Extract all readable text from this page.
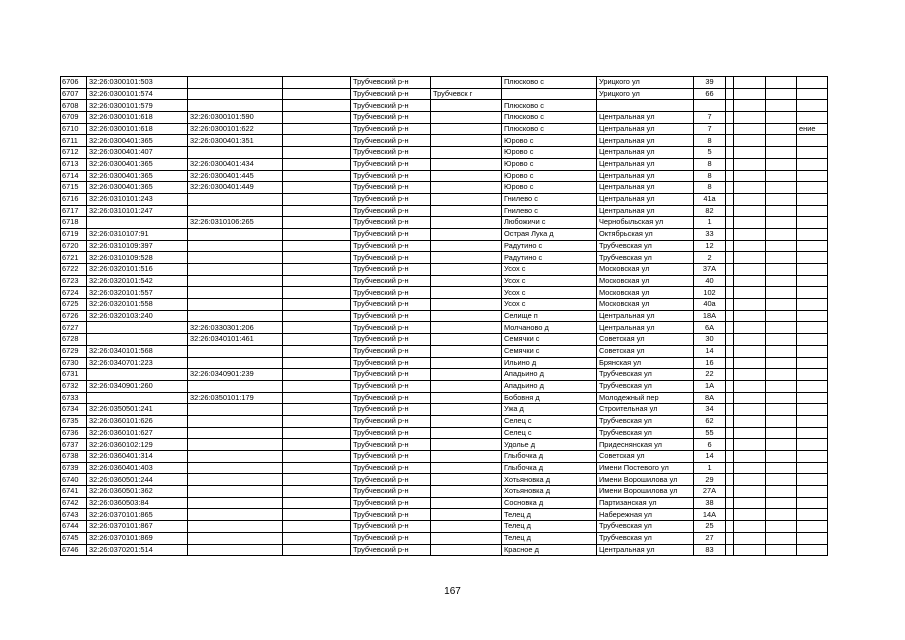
6706	32:26:0300101:503			Трубчевский р-н		Плюсково с	Урицкого ул	39				
6707	32:26:0300101:574			Трубчевский р-н	Трубчевск г		Урицкого ул	66				
6708	32:26:0300101:579			Трубчевский р-н		Плюсково с						
6709	32:26:0300101:618	32:26:0300101:590		Трубчевский р-н		Плюсково с	Центральная ул	7				
6710	32:26:0300101:618	32:26:0300101:622		Трубчевский р-н		Плюсково с	Центральная ул	7				ение
6711	32:26:0300401:365	32:26:0300401:351		Трубчевский р-н		Юрово с	Центральная ул	8				
6712	32:26:0300401:407			Трубчевский р-н		Юрово с	Центральная ул	5				
6713	32:26:0300401:365	32:26:0300401:434		Трубчевский р-н		Юрово с	Центральная ул	8				
6714	32:26:0300401:365	32:26:0300401:445		Трубчевский р-н		Юрово с	Центральная ул	8				
6715	32:26:0300401:365	32:26:0300401:449		Трубчевский р-н		Юрово с	Центральная ул	8				
6716	32:26:0310101:243			Трубчевский р-н		Гнилево с	Центральная ул	41а				
6717	32:26:0310101:247			Трубчевский р-н		Гнилево с	Центральная ул	82				
6718		32:26:0310106:265		Трубчевский р-н		Любожичи с	Чернобыльская ул	1				
6719	32:26:0310107:91			Трубчевский р-н		Острая Лука д	Октябрьская ул	33				
6720	32:26:0310109:397			Трубчевский р-н		Радутино с	Трубчевская ул	12				
6721	32:26:0310109:528			Трубчевский р-н		Радутино с	Трубчевская ул	2				
6722	32:26:0320101:516			Трубчевский р-н		Усох с	Московская ул	37А				
6723	32:26:0320101:542			Трубчевский р-н		Усох с	Московская ул	40				
6724	32:26:0320101:557			Трубчевский р-н		Усох с	Московская ул	102				
6725	32:26:0320101:558			Трубчевский р-н		Усох с	Московская ул	40а				
6726	32:26:0320103:240			Трубчевский р-н		Селище п	Центральная ул	18А				
6727		32:26:0330301:206		Трубчевский р-н		Молчаново д	Центральная ул	6А				
6728		32:26:0340101:461		Трубчевский р-н		Семячки с	Советская ул	30				
6729	32:26:0340101:568			Трубчевский р-н		Семячки с	Советская ул	14				
6730	32:26:0340701:223			Трубчевский р-н		Ильино д	Брянская ул	16				
6731		32:26:0340901:239		Трубчевский р-н		Ападьино д	Трубчевская ул	22				
6732	32:26:0340901:260			Трубчевский р-н		Ападьино д	Трубчевская ул	1А				
6733		32:26:0350101:179		Трубчевский р-н		Бобовня д	Молодежный пер	8А				
6734	32:26:0350501:241			Трубчевский р-н		Ужа д	Строительная ул	34				
6735	32:26:0360101:626			Трубчевский р-н		Селец с	Трубчевская ул	62				
6736	32:26:0360101:627			Трубчевский р-н		Селец с	Трубчевская ул	55				
6737	32:26:0360102:129			Трубчевский р-н		Удолье д	Придеснянская ул	6				
6738	32:26:0360401:314			Трубчевский р-н		Глыбочка д	Советская ул	14				
6739	32:26:0360401:403			Трубчевский р-н		Глыбочка д	Имени Постевого ул	1				
6740	32:26:0360501:244			Трубчевский р-н		Хотьяновка д	Имени Ворошилова ул	29				
6741	32:26:0360501:362			Трубчевский р-н		Хотьяновка д	Имени Ворошилова ул	27А				
6742	32:26:0360503:84			Трубчевский р-н		Сосновка д	Партизанская ул	38				
6743	32:26:0370101:865			Трубчевский р-н		Телец д	Набережная ул	14А				
6744	32:26:0370101:867			Трубчевский р-н		Телец д	Трубчевская ул	25				
6745	32:26:0370101:869			Трубчевский р-н		Телец д	Трубчевская ул	27				
6746	32:26:0370201:514			Трубчевский р-н		Красное д	Центральная ул	83				
167
